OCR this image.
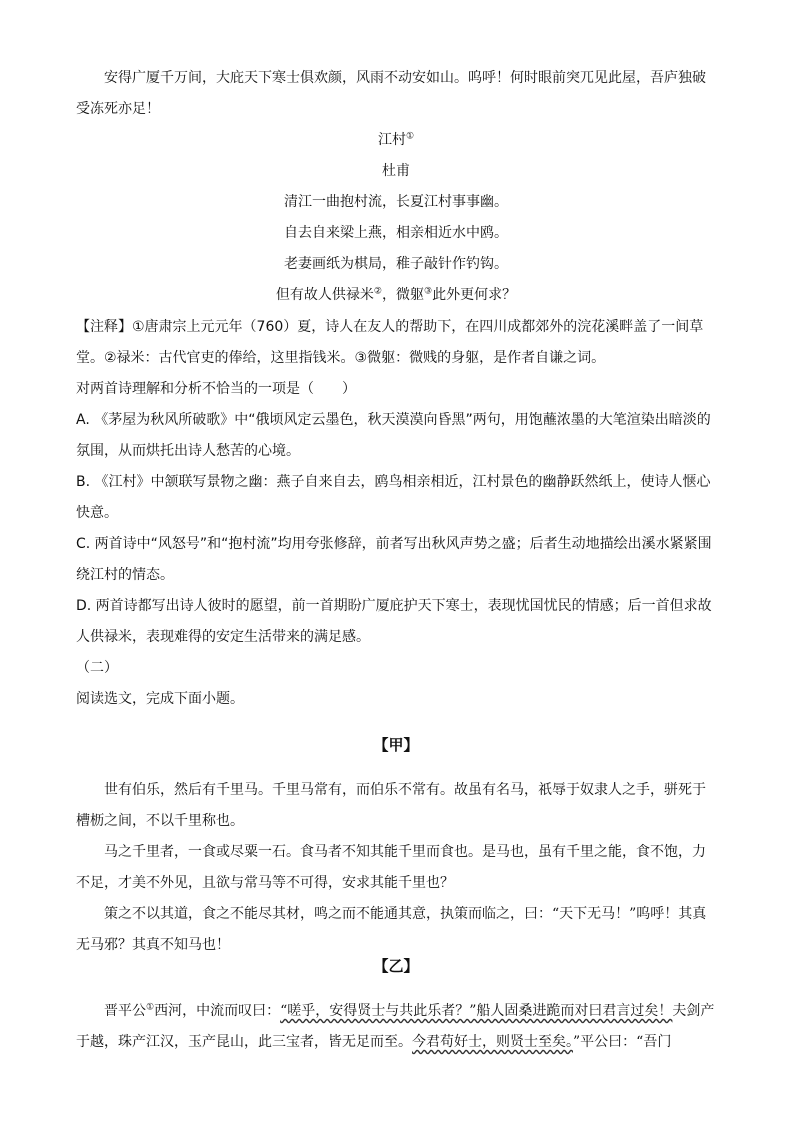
安得广厦千万间，大庇天下寒士俱欢颜，风雨不动安如山。呜呼！何时眼前突兀见此屋，吾庐独破受冻死亦足！

江村①

杜甫

清江一曲抱村流，长夏江村事事幽。

自去自来梁上燕，相亲相近水中鸥。

老妻画纸为棋局，稚子敲针作钓钩。

但有故人供禄米②，微躯③此外更何求？

【注释】①唐肃宗上元元年（760）夏，诗人在友人的帮助下，在四川成都郊外的浣花溪畔盖了一间草堂。②禄米：古代官吏的俸给，这里指钱米。③微躯：微贱的身躯，是作者自谦之词。

对两首诗理解和分析不恰当的一项是（　　）

A. 《茅屋为秋风所破歌》中“俄顷风定云墨色，秋天漠漠向昏黑”两句，用饱蘸浓墨的大笔渲染出暗淡的氛围，从而烘托出诗人愁苦的心境。

B. 《江村》中颔联写景物之幽：燕子自来自去，鸥鸟相亲相近，江村景色的幽静跃然纸上，使诗人惬心快意。

C. 两首诗中“风怒号”和“抱村流”均用夸张修辞，前者写出秋风声势之盛；后者生动地描绘出溪水紧紧围绕江村的情态。

D. 两首诗都写出诗人彼时的愿望，前一首期盼广厦庇护天下寒士，表现忧国忧民的情感；后一首但求故人供禄米，表现难得的安定生活带来的满足感。

（二）

阅读选文，完成下面小题。

【甲】

世有伯乐，然后有千里马。千里马常有，而伯乐不常有。故虽有名马，祇辱于奴隶人之手，骈死于槽枥之间，不以千里称也。

马之千里者，一食或尽粟一石。食马者不知其能千里而食也。是马也，虽有千里之能，食不饱，力不足，才美不外见，且欲与常马等不可得，安求其能千里也？

策之不以其道，食之不能尽其材，鸣之而不能通其意，执策而临之，曰：“天下无马！”呜呼！其真无马邪？其真不知马也！

【乙】

晋平公①西河，中流而叹曰：“嗟乎，安得贤士与共此乐者？”船人固桑进跪而对曰君言过矣！夫剑产于越，珠产江汉，玉产昆山，此三宝者，皆无足而至。今君苟好士，则贤士至矣。”平公曰：“吾门
